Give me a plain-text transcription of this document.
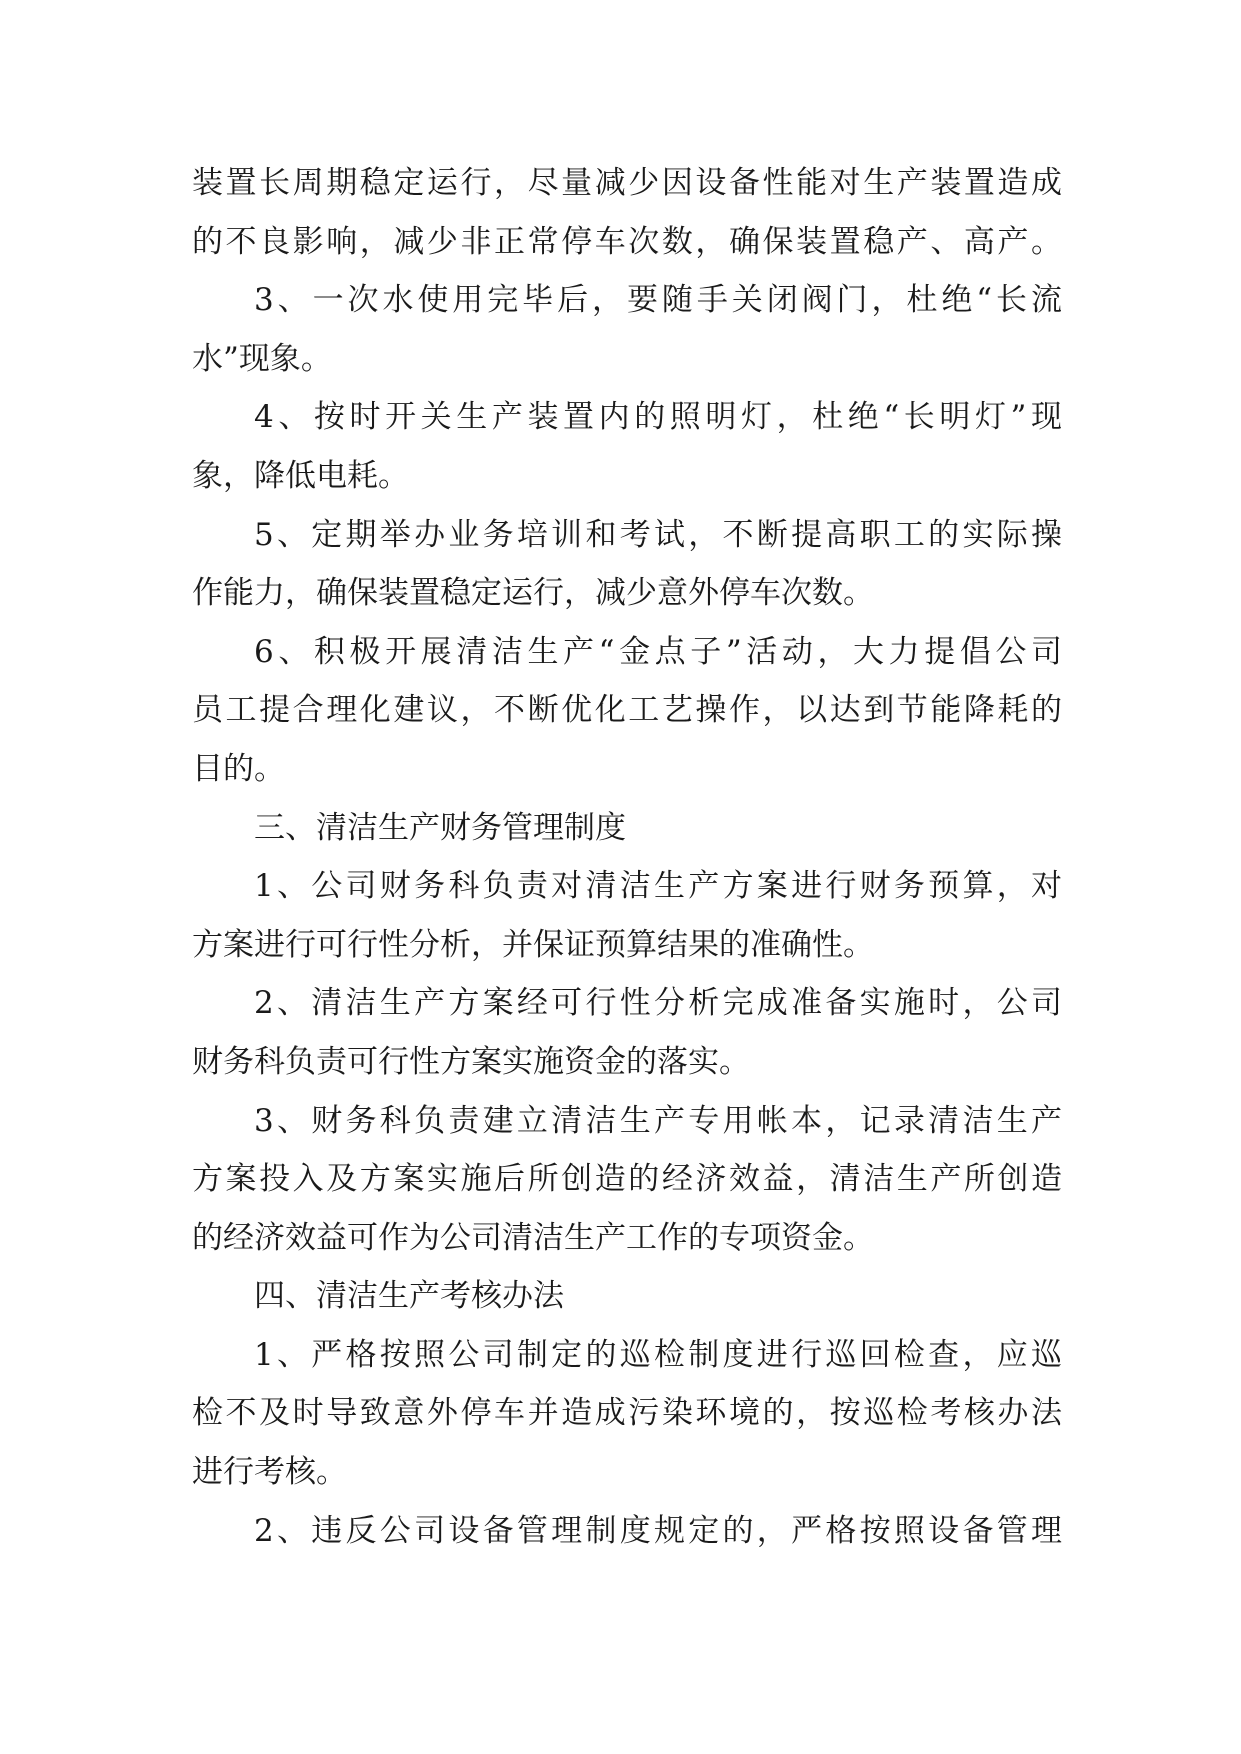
装置长周期稳定运行，尽量减少因设备性能对生产装置造成
的不良影响，减少非正常停车次数，确保装置稳产、高产。
3、一次水使用完毕后，要随手关闭阀门，杜绝“长流
水”现象。
4、按时开关生产装置内的照明灯，杜绝“长明灯”现
象，降低电耗。
5、定期举办业务培训和考试，不断提高职工的实际操
作能力，确保装置稳定运行，减少意外停车次数。
6、积极开展清洁生产“金点子”活动，大力提倡公司
员工提合理化建议，不断优化工艺操作，以达到节能降耗的
目的。
三、清洁生产财务管理制度
1、公司财务科负责对清洁生产方案进行财务预算，对
方案进行可行性分析，并保证预算结果的准确性。
2、清洁生产方案经可行性分析完成准备实施时，公司
财务科负责可行性方案实施资金的落实。
3、财务科负责建立清洁生产专用帐本，记录清洁生产
方案投入及方案实施后所创造的经济效益，清洁生产所创造
的经济效益可作为公司清洁生产工作的专项资金。
四、清洁生产考核办法
1、严格按照公司制定的巡检制度进行巡回检查，应巡
检不及时导致意外停车并造成污染环境的，按巡检考核办法
进行考核。
2、违反公司设备管理制度规定的，严格按照设备管理
